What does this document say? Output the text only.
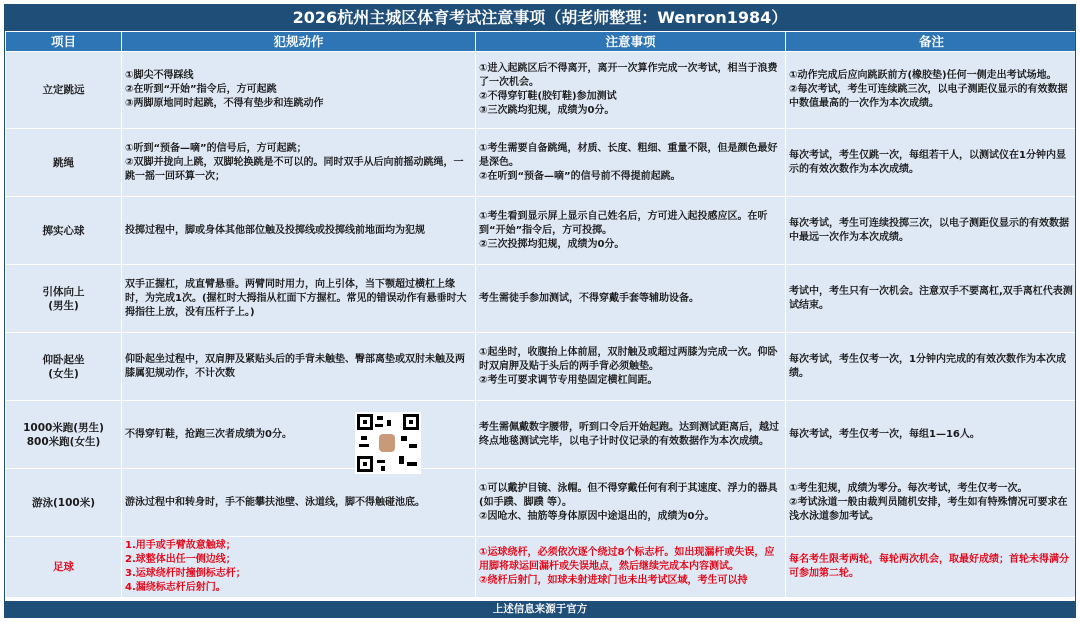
2026杭州主城区体育考试注意事项（胡老师整理：Wenron1984）
项目	犯规动作	注意事项	备注

立定跳远	①脚尖不得踩线
②在听到“开始”指令后，方可起跳
③两脚原地同时起跳，不得有垫步和连跳动作	①进入起跳区后不得离开，离开一次算作完成一次考试，相当于浪费了一次机会。
②不得穿钉鞋(胶钉鞋)参加测试
③三次跳均犯规，成绩为0分。	①动作完成后应向跳跃前方(橡胶垫)任何一侧走出考试场地。
②每次考试，考生可连续跳三次，以电子测距仪显示的有效数据中数值最高的一次作为本次成绩。

跳绳	①听到“预备—嘀”的信号后，方可起跳；
②双脚并拢向上跳，双脚轮换跳是不可以的。同时双手从后向前摇动跳绳，一跳一摇一回环算一次；	①考生需要自备跳绳，材质、长度、粗细、重量不限，但是颜色最好是深色。
②在听到“预备—嘀”的信号前不得提前起跳。	每次考试，考生仅跳一次，每组若干人，以测试仪在1分钟内显示的有效次数作为本次成绩。

掷实心球	投掷过程中，脚或身体其他部位触及投掷线或投掷线前地面均为犯规	①考生看到显示屏上显示自己姓名后，方可进入起投感应区。在听到“开始”指令后，方可投掷。
②三次投掷均犯规，成绩为0分。	每次考试，考生可连续投掷三次，以电子测距仪显示的有效数据中最远一次作为本次成绩。

引体向上
(男生)	双手正握杠，成直臂悬垂。两臂同时用力，向上引体，当下颚超过横杠上缘时，为完成1次。(握杠时大拇指从杠面下方握杠。常见的错误动作有悬垂时大拇指往上放，没有压杆子上。)	考生需徒手参加测试，不得穿戴手套等辅助设备。	考试中，考生只有一次机会。注意双手不要离杠,双手离杠代表测试结束。

仰卧起坐
(女生)	仰卧起坐过程中，双肩胛及紧贴头后的手背未触垫、臀部离垫或双肘未触及两膝属犯规动作，不计次数	①起坐时，收腹抬上体前屈，双肘触及或超过两膝为完成一次。仰卧时双肩胛及贴于头后的两手背必须触垫。
②考生可要求调节专用垫固定横杠间距。	每次考试，考生仅考一次，1分钟内完成的有效次数作为本次成绩。

1000米跑(男生)
800米跑(女生)	不得穿钉鞋，抢跑三次者成绩为0分。	考生需佩戴数字腰带，听到口令后开始起跑。达到测试距离后，越过终点地毯测试完毕，以电子计时仪记录的有效数据作为本次成绩。	每次考试，考生仅考一次，每组1—16人。

游泳(100米)	游泳过程中和转身时，手不能攀扶池壁、泳道线，脚不得触碰池底。	①可以戴护目镜、泳帽。但不得穿戴任何有利于其速度、浮力的器具(如手蹼、脚蹼 等）。
②因呛水、抽筋等身体原因中途退出的，成绩为0分。	①考生犯规，成绩为零分。每次考试，考生仅考一次。
②考试泳道一般由裁判员随机安排，考生如有特殊情况可要求在浅水泳道参加考试。

足球	1.用手或手臂故意触球；
2.球整体出任一侧边线；
3.运球绕杆时撞倒标志杆；
4.漏绕标志杆后射门。	①运球绕杆，必须依次逐个绕过8个标志杆。如出现漏杆或失误，应用脚将球运回漏杆或失误地点，然后继续完成本内容测试。
②绕杆后射门，如球未射进球门也未出考试区域，考生可以持	每名考生限考两轮，每轮两次机会，取最好成绩；首轮未得满分可参加第二轮。
上述信息来源于官方
